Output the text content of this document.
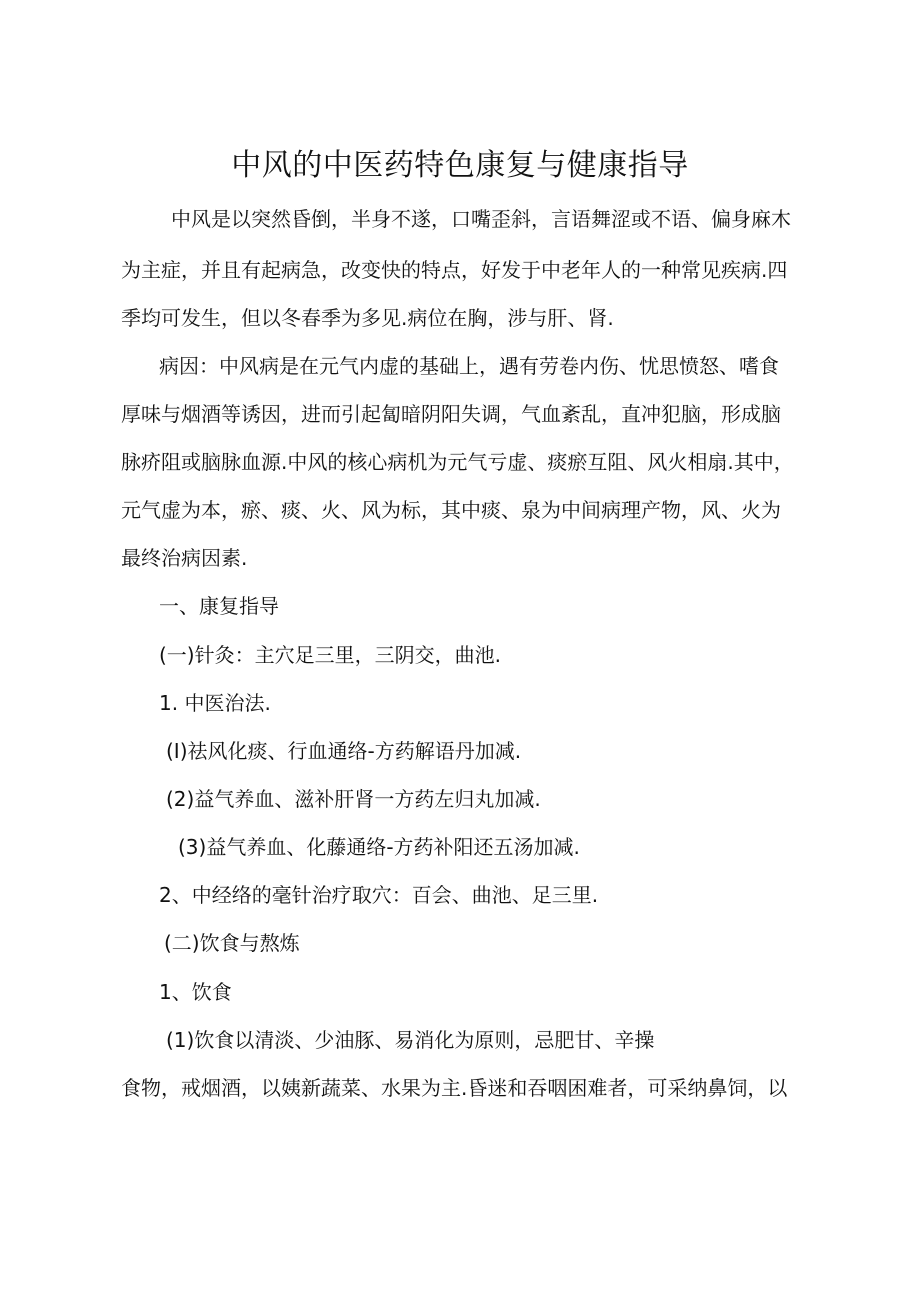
中风的中医药特色康复与健康指导
中风是以突然昏倒，半身不遂，口嘴歪斜，言语舞涩或不语、偏身麻木
为主症，并且有起病急，改变快的特点，好发于中老年人的一种常见疾病.四
季均可发生，但以冬春季为多见.病位在胸，涉与肝、肾.
病因：中风病是在元气内虚的基础上，遇有劳卷内伤、忧思愤怒、嗜食
厚味与烟酒等诱因，进而引起匐暗阴阳失调，气血紊乱，直冲犯脑，形成脑
脉疥阻或脑脉血源.中风的核心病机为元气亏虚、痰瘀互阻、风火相扇.其中，
元气虚为本，瘀、痰、火、风为标，其中痰、泉为中间病理产物，风、火为
最终治病因素.
一、康复指导
(一)针灸：主穴足三里，三阴交，曲池.
1. 中医治法.
(I)祛风化痰、行血通络-方药解语丹加减.
(2)益气养血、滋补肝肾一方药左归丸加减.
(3)益气养血、化藤通络-方药补阳还五汤加减.
2、中经络的毫针治疗取穴：百会、曲池、足三里.
(二)饮食与熬炼
1、饮食
(1)饮食以清淡、少油豚、易消化为原则，忌肥甘、辛操
食物，戒烟酒，以姨新蔬菜、水果为主.昏迷和吞咽困难者，可采纳鼻饲，以
